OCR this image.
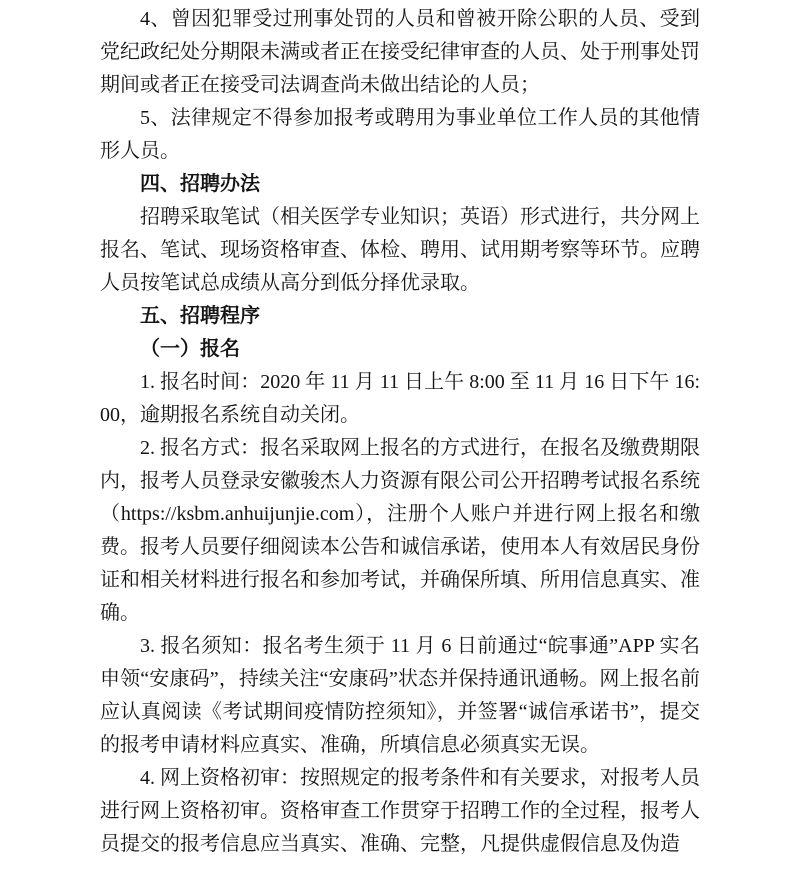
4、曾因犯罪受过刑事处罚的人员和曾被开除公职的人员、受到党纪政纪处分期限未满或者正在接受纪律审查的人员、处于刑事处罚期间或者正在接受司法调查尚未做出结论的人员；

5、法律规定不得参加报考或聘用为事业单位工作人员的其他情形人员。

四、招聘办法

招聘采取笔试（相关医学专业知识；英语）形式进行，共分网上报名、笔试、现场资格审查、体检、聘用、试用期考察等环节。应聘人员按笔试总成绩从高分到低分择优录取。

五、招聘程序

（一）报名

1. 报名时间：2020 年 11 月 11 日上午 8:00 至 11 月 16 日下午 16:00，逾期报名系统自动关闭。

2. 报名方式：报名采取网上报名的方式进行，在报名及缴费期限内，报考人员登录安徽骏杰人力资源有限公司公开招聘考试报名系统（https://ksbm.anhuijunjie.com），注册个人账户并进行网上报名和缴费。报考人员要仔细阅读本公告和诚信承诺，使用本人有效居民身份证和相关材料进行报名和参加考试，并确保所填、所用信息真实、准确。

3. 报名须知：报名考生须于 11 月 6 日前通过“皖事通”APP 实名申领“安康码”，持续关注“安康码”状态并保持通讯通畅。网上报名前应认真阅读《考试期间疫情防控须知》，并签署“诚信承诺书”，提交的报考申请材料应真实、准确，所填信息必须真实无误。

4. 网上资格初审：按照规定的报考条件和有关要求，对报考人员进行网上资格初审。资格审查工作贯穿于招聘工作的全过程，报考人员提交的报考信息应当真实、准确、完整，凡提供虚假信息及伪造
